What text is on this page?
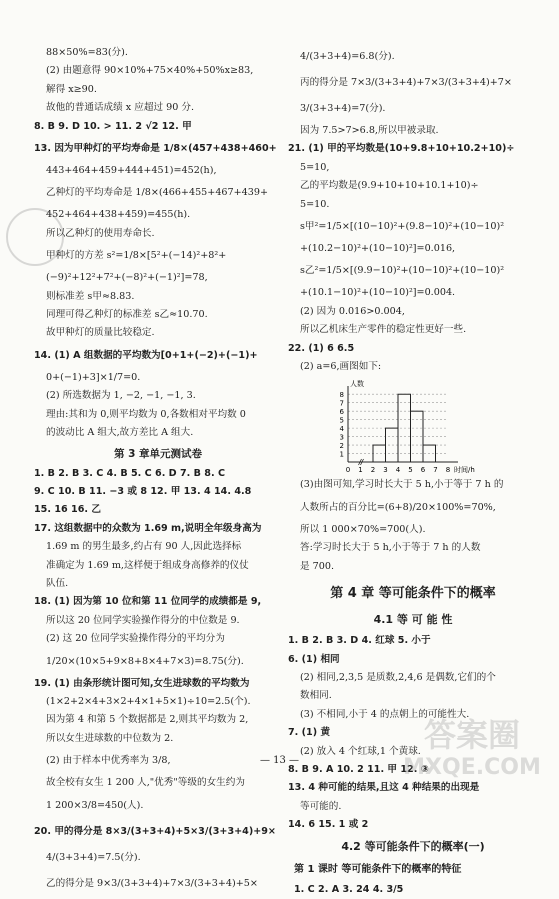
88×50%=83(分).
(2) 由题意得 90×10%+75×40%+50%x≥83,
解得 x≥90.
故他的普通话成绩 x 应超过 90 分.
8. B 9. D 10. > 11. 2 √2 12. 甲
13. 因为甲种灯的平均寿命是 1/8×(457+438+460+
443+464+459+444+451)=452(h),
乙种灯的平均寿命是 1/8×(466+455+467+439+
452+464+438+459)=455(h).
所以乙种灯的使用寿命长.
甲种灯的方差 s²=1/8×[5²+(−14)²+8²+
(−9)²+12²+7²+(−8)²+(−1)²]=78,
则标准差 s甲≈8.83.
同理可得乙种灯的标准差 s乙≈10.70.
故甲种灯的质量比较稳定.
14. (1) A 组数据的平均数为[0+1+(−2)+(−1)+
0+(−1)+3]×1/7=0.
(2) 所选数据为 1, −2, −1, −1, 3.
理由:其和为 0,则平均数为 0,各数相对平均数 0
的波动比 A 组大,故方差比 A 组大.
第 3 章单元测试卷
1. B 2. B 3. C 4. B 5. C 6. D 7. B 8. C
9. C 10. B 11. −3 或 8 12. 甲 13. 4 14. 4.8
15. 16 16. 乙
17. 这组数据中的众数为 1.69 m,说明全年级身高为
1.69 m 的男生最多,约占有 90 人,因此选择标
准确定为 1.69 m,这样便于组成身高修养的仪仗
队伍.
18. (1) 因为第 10 位和第 11 位同学的成绩都是 9,
所以这 20 位同学实验操作得分的中位数是 9.
(2) 这 20 位同学实验操作得分的平均分为
1/20×(10×5+9×8+8×4+7×3)=8.75(分).
19. (1) 由条形统计图可知,女生进球数的平均数为
(1×2+2×4+3×2+4×1+5×1)÷10=2.5(个).
因为第 4 和第 5 个数据都是 2,则其平均数为 2,
所以女生进球数的中位数为 2.
(2) 由于样本中优秀率为 3/8,
故全校有女生 1 200 人,"优秀"等级的女生约为
1 200×3/8=450(人).
20. 甲的得分是 8×3/(3+3+4)+5×3/(3+3+4)+9×
4/(3+3+4)=7.5(分).
乙的得分是 9×3/(3+3+4)+7×3/(3+3+4)+5×
4/(3+3+4)=6.8(分).
丙的得分是 7×3/(3+3+4)+7×3/(3+3+4)+7×
3/(3+3+4)=7(分).
因为 7.5>7>6.8,所以甲被录取.
21. (1) 甲的平均数是(10+9.8+10+10.2+10)÷
5=10,
乙的平均数是(9.9+10+10+10.1+10)÷
5=10.
s甲²=1/5×[(10−10)²+(9.8−10)²+(10−10)²
+(10.2−10)²+(10−10)²]=0.016,
s乙²=1/5×[(9.9−10)²+(10−10)²+(10−10)²
+(10.1−10)²+(10−10)²]=0.004.
(2) 因为 0.016>0.004,
所以乙机床生产零件的稳定性更好一些.
22. (1) 6 6.5
(2) a=6,画图如下:
1
2
3
4
5
6
7
8
0 1 2 3 4 5 6 7 8
人数
时间/h
(3)由图可知,学习时长大于 5 h,小于等于 7 h 的
人数所占的百分比=(6+8)/20×100%=70%,
所以 1 000×70%=700(人).
答:学习时长大于 5 h,小于等于 7 h 的人数
是 700.
第 4 章 等可能条件下的概率
4.1 等 可 能 性
1. B 2. B 3. D 4. 红球 5. 小于
6. (1) 相同
(2) 相同,2,3,5 是质数,2,4,6 是偶数,它们的个
数相同.
(3) 不相同,小于 4 的点朝上的可能性大.
7. (1) 黄
(2) 放入 4 个红球,1 个黄球.
8. B 9. A 10. 2 11. 甲 12. ③
13. 4 种可能的结果,且这 4 种结果的出现是
等可能的.
14. 6 15. 1 或 2
4.2 等可能条件下的概率(一)
第 1 课时 等可能条件下的概率的特征
1. C 2. A 3. 24 4. 3/5
— 13 —
答案圈
MXQE.COM
